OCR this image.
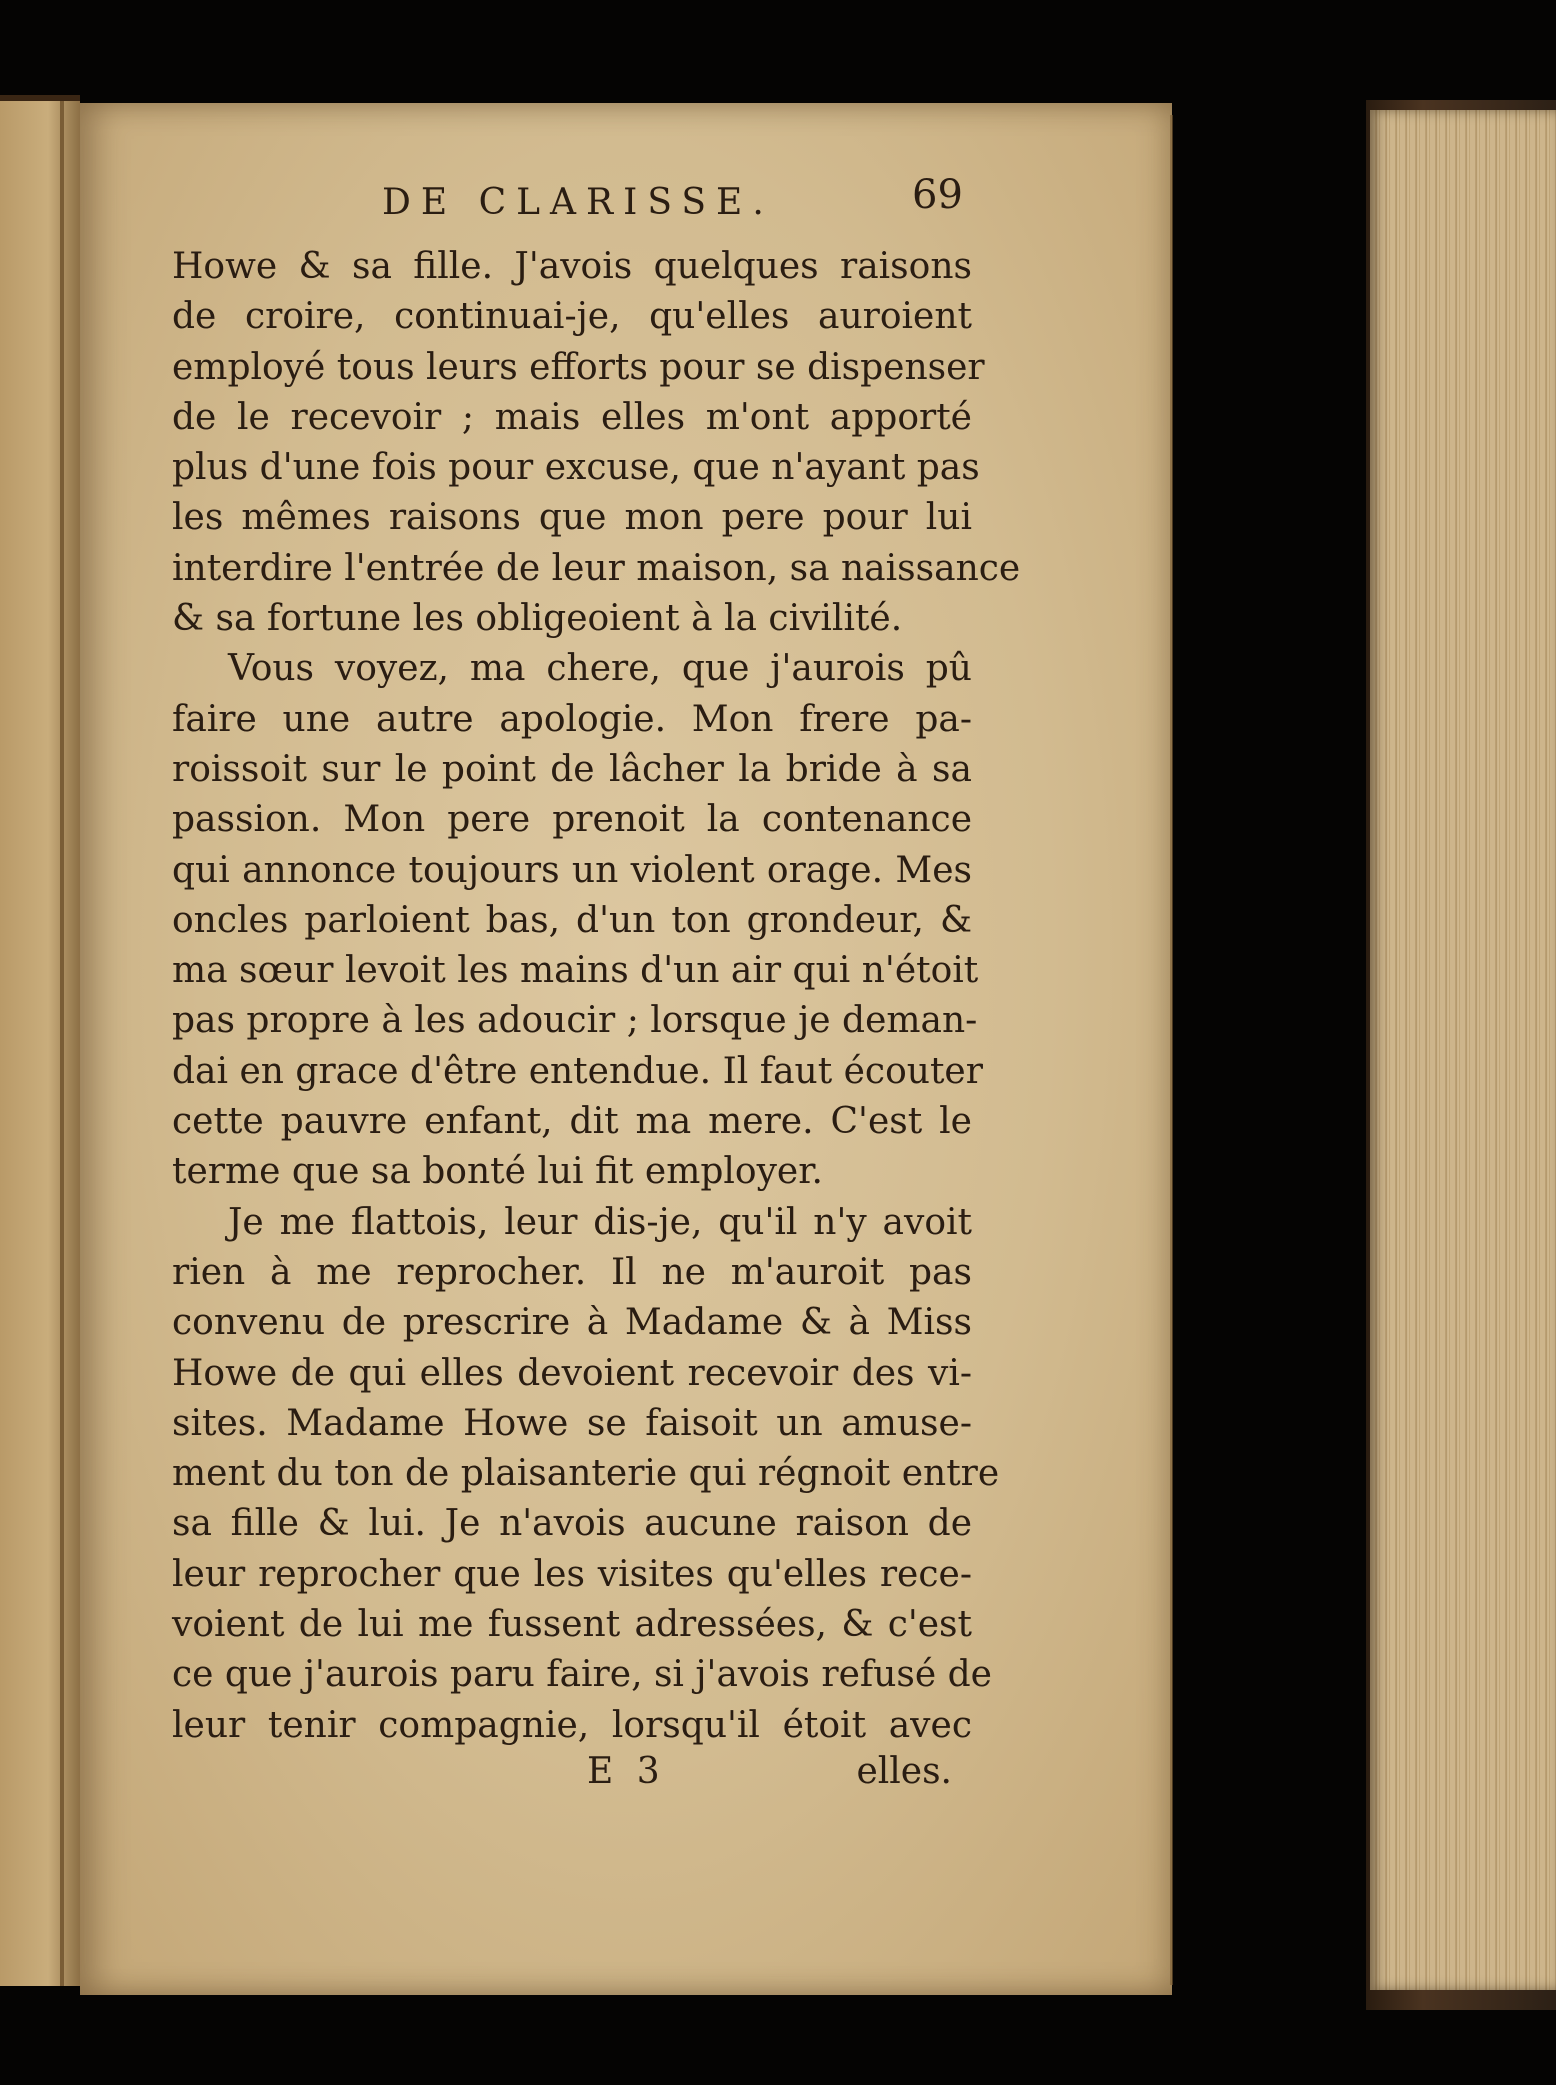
DE CLARISSE.	69
Howe & sa fille. J'avois quelques raisons
de croire, continuai-je, qu'elles auroient
employé tous leurs efforts pour se dispenser
de le recevoir ; mais elles m'ont apporté
plus d'une fois pour excuse, que n'ayant pas
les mêmes raisons que mon pere pour lui
interdire l'entrée de leur maison, sa naissance
& sa fortune les obligeoient à la civilité.
Vous voyez, ma chere, que j'aurois pû
faire une autre apologie. Mon frere pa-
roissoit sur le point de lâcher la bride à sa
passion. Mon pere prenoit la contenance
qui annonce toujours un violent orage. Mes
oncles parloient bas, d'un ton grondeur, &
ma sœur levoit les mains d'un air qui n'étoit
pas propre à les adoucir ; lorsque je deman-
dai en grace d'être entendue. Il faut écouter
cette pauvre enfant, dit ma mere. C'est le
terme que sa bonté lui fit employer.
Je me flattois, leur dis-je, qu'il n'y avoit
rien à me reprocher. Il ne m'auroit pas
convenu de prescrire à Madame & à Miss
Howe de qui elles devoient recevoir des vi-
sites. Madame Howe se faisoit un amuse-
ment du ton de plaisanterie qui régnoit entre
sa fille & lui. Je n'avois aucune raison de
leur reprocher que les visites qu'elles rece-
voient de lui me fussent adressées, & c'est
ce que j'aurois paru faire, si j'avois refusé de
leur tenir compagnie, lorsqu'il étoit avec
E 3	elles.
